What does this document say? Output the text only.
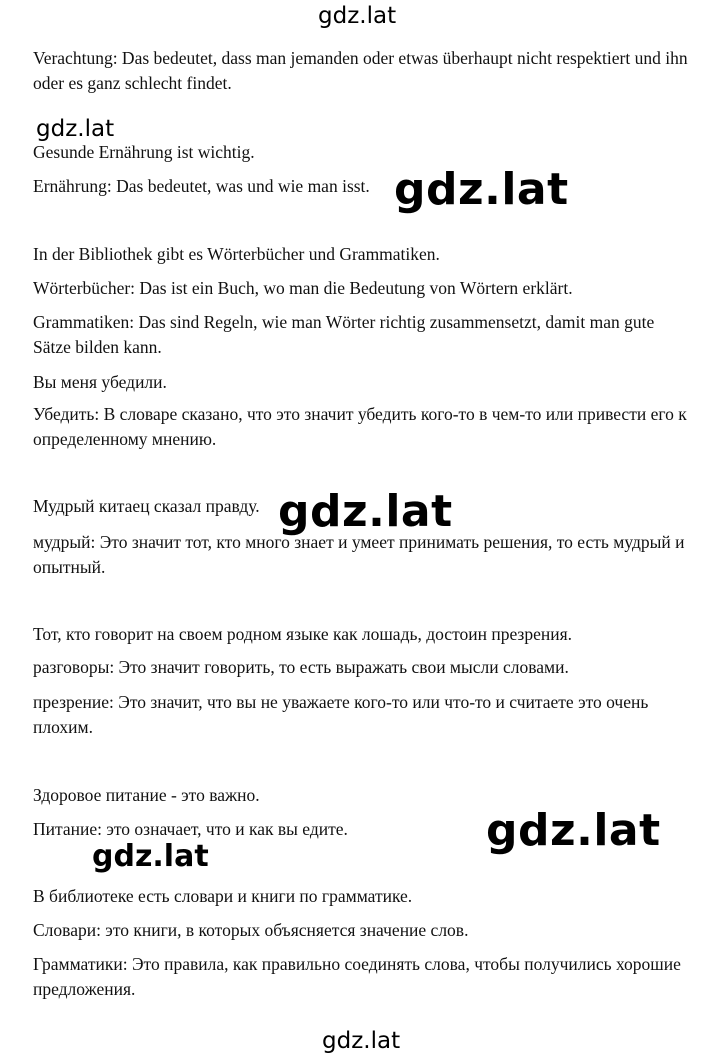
Verachtung: Das bedeutet, dass man jemanden oder etwas überhaupt nicht respektiert und ihn oder es ganz schlecht findet.

Gesunde Ernährung ist wichtig.

Ernährung: Das bedeutet, was und wie man isst.

In der Bibliothek gibt es Wörterbücher und Grammatiken.

Wörterbücher: Das ist ein Buch, wo man die Bedeutung von Wörtern erklärt.

Grammatiken: Das sind Regeln, wie man Wörter richtig zusammensetzt, damit man gute Sätze bilden kann.

Вы меня убедили.

Убедить: В словаре сказано, что это значит убедить кого-то в чем-то или привести его к определенному мнению.

Мудрый китаец сказал правду.

мудрый: Это значит тот, кто много знает и умеет принимать решения, то есть мудрый и опытный.

Тот, кто говорит на своем родном языке как лошадь, достоин презрения.

разговоры: Это значит говорить, то есть выражать свои мысли словами.

презрение: Это значит, что вы не уважаете кого-то или что-то и считаете это очень плохим.

Здоровое питание - это важно.

Питание: это означает, что и как вы едите.

В библиотеке есть словари и книги по грамматике.

Словари: это книги, в которых объясняется значение слов.

Грамматики: Это правила, как правильно соединять слова, чтобы получились хорошие предложения.

gdz.lat
gdz.lat
gdz.lat
gdz.lat
gdz.lat
gdz.lat
gdz.lat
